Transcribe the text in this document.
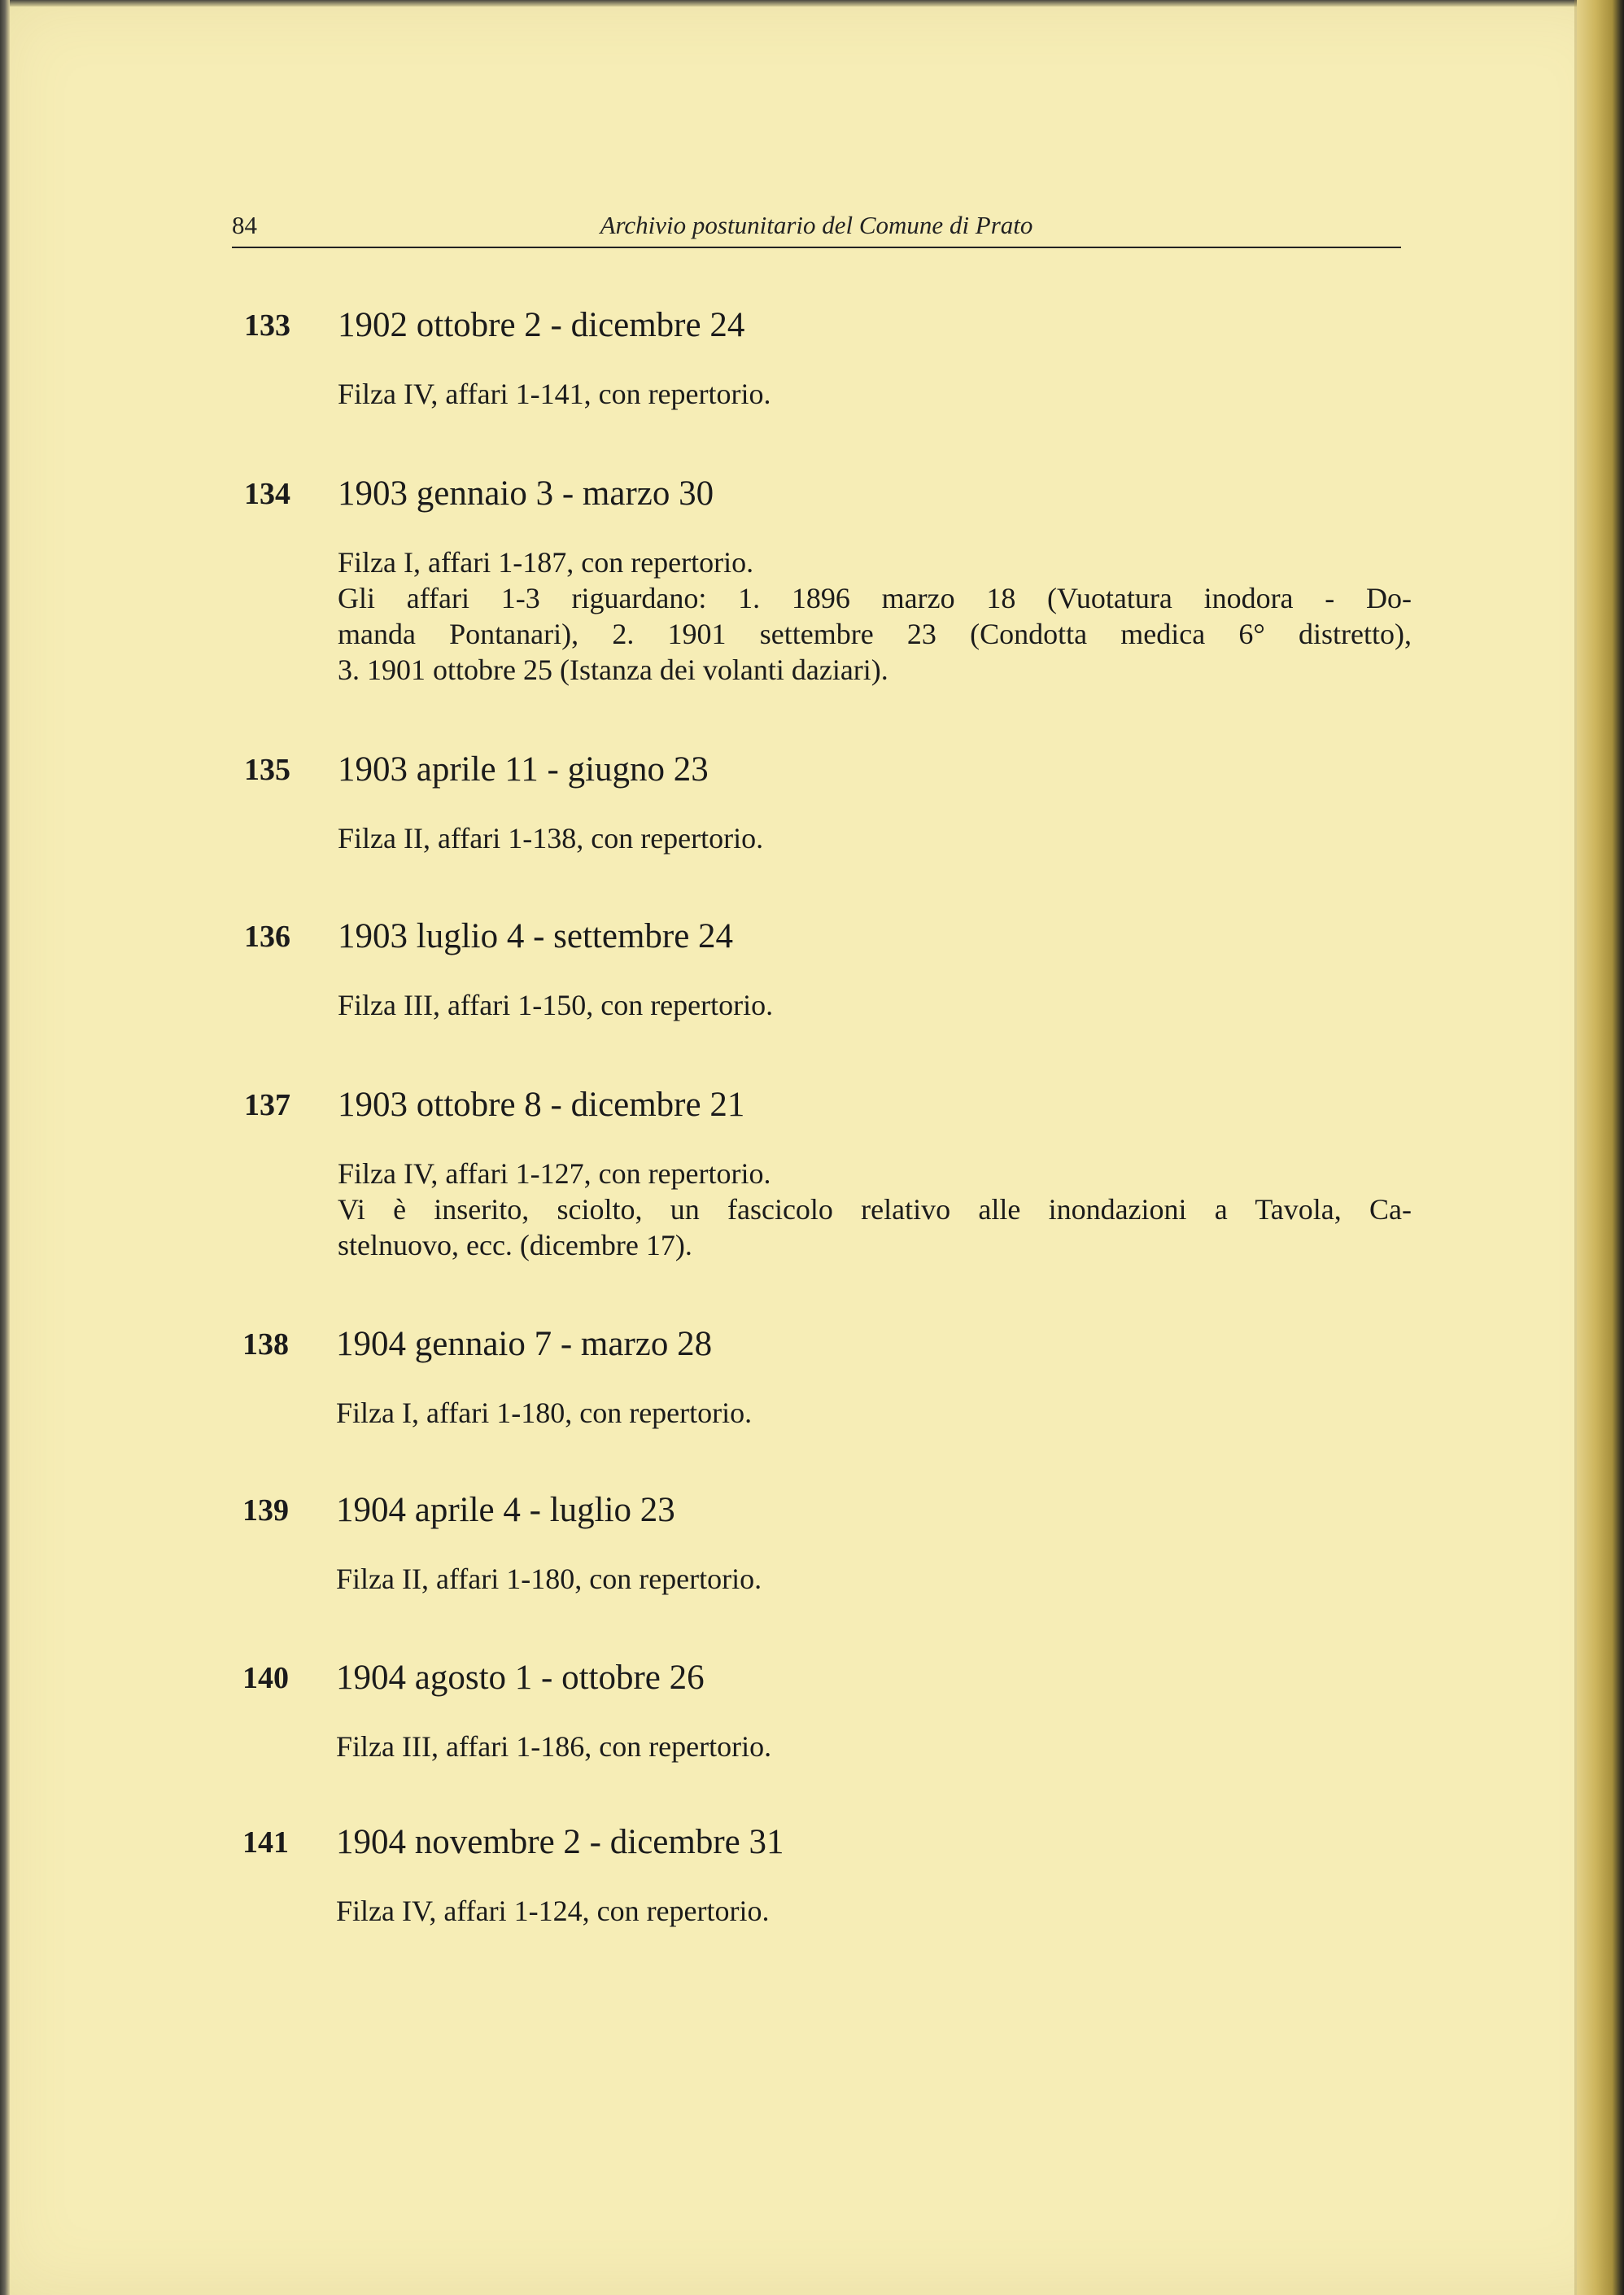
84	Archivio postunitario del Comune di Prato
133 1902 ottobre 2 - dicembre 24
Filza IV, affari 1-141, con repertorio.
134 1903 gennaio 3 - marzo 30
Filza I, affari 1-187, con repertorio.
Gli affari 1-3 riguardano: 1. 1896 marzo 18 (Vuotatura inodora - Do-
manda Pontanari), 2. 1901 settembre 23 (Condotta medica 6° distretto),
3. 1901 ottobre 25 (Istanza dei volanti daziari).
135 1903 aprile 11 - giugno 23
Filza II, affari 1-138, con repertorio.
136 1903 luglio 4 - settembre 24
Filza III, affari 1-150, con repertorio.
137 1903 ottobre 8 - dicembre 21
Filza IV, affari 1-127, con repertorio.
Vi è inserito, sciolto, un fascicolo relativo alle inondazioni a Tavola, Ca-
stelnuovo, ecc. (dicembre 17).
138 1904 gennaio 7 - marzo 28
Filza I, affari 1-180, con repertorio.
139 1904 aprile 4 - luglio 23
Filza II, affari 1-180, con repertorio.
140 1904 agosto 1 - ottobre 26
Filza III, affari 1-186, con repertorio.
141 1904 novembre 2 - dicembre 31
Filza IV, affari 1-124, con repertorio.
